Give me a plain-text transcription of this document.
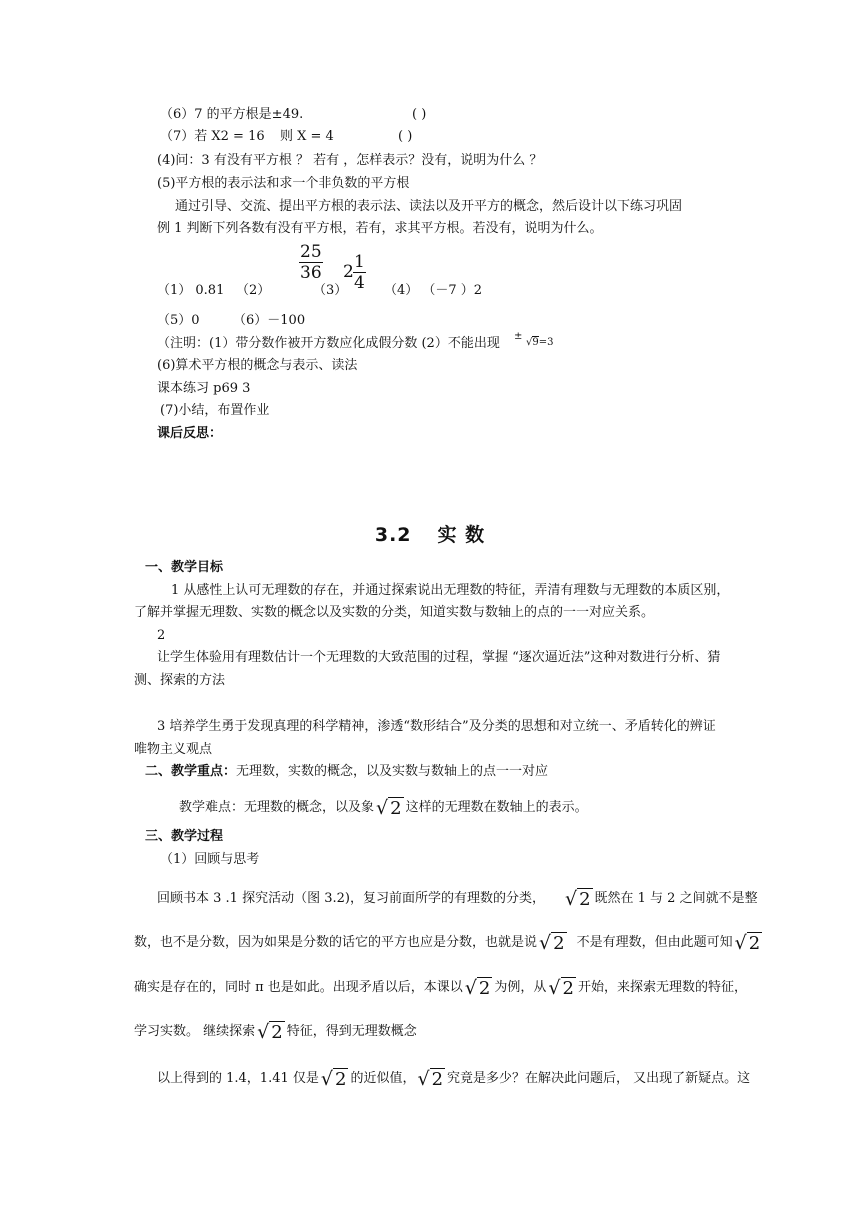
（6）7 的平方根是±49.	( )
（7）若 X2 = 16 则 X = 4	( )
(4)问：3 有没有平方根 ？ 若有 ，怎样表示？没有，说明为什么 ？
(5)平方根的表示法和求一个非负数的平方根
通过引导、交流、提出平方根的表示法、读法以及开平方的概念，然后设计以下练习巩固
例 1 判断下列各数有没有平方根，若有，求其平方根。若没有，说明为什么。
$\frac{25}{36} 2 \frac{1}{4}$
（1） 0.81 （2）	（3）	（4） （－7 ）2
（5）0	（6）－100
（注明：(1）带分数作被开方数应化成假分数 (2）不能出现 ±
√9=3
(6)算术平方根的概念与表示、读法
课本练习 p69 3
(7)小结，布置作业
课后反思：
3.2 实 数
一、教学目标
1 从感性上认可无理数的存在，并通过探索说出无理数的特征，弄清有理数与无理数的本质区别，
了解并掌握无理数、实数的概念以及实数的分类，知道实数与数轴上的点的一一对应关系。
2
让学生体验用有理数估计一个无理数的大致范围的过程，掌握 “逐次逼近法”这种对数进行分析、猜
测、探索的方法
3 培养学生勇于发现真理的科学精神，渗透“数形结合”及分类的思想和对立统一、矛盾转化的辨证
唯物主义观点
二、教学重点：无理数，实数的概念，以及实数与数轴上的点一一对应
教学难点：无理数的概念，以及象 √ 2 这样的无理数在数轴上的表示。
三、教学过程
（1）回顾与思考
回顾书本 3 .1 探究活动（图 3.2)，复习前面所学的有理数的分类， √ 2 既然在 1 与 2 之间就不是整
数，也不是分数，因为如果是分数的话它的平方也应是分数，也就是说 √ 2 不是有理数，但由此题可知 √ 2
确实是存在的，同时 π 也是如此。出现矛盾以后，本课以 √ 2 为例，从 √ 2 开始，来探索无理数的特征，
学习实数。 继续探索 √ 2 特征，得到无理数概念
以上得到的 1.4，1.41 仅是 √ 2 的近似值， √ 2 究竟是多少？在解决此问题后， 又出现了新疑点。这
